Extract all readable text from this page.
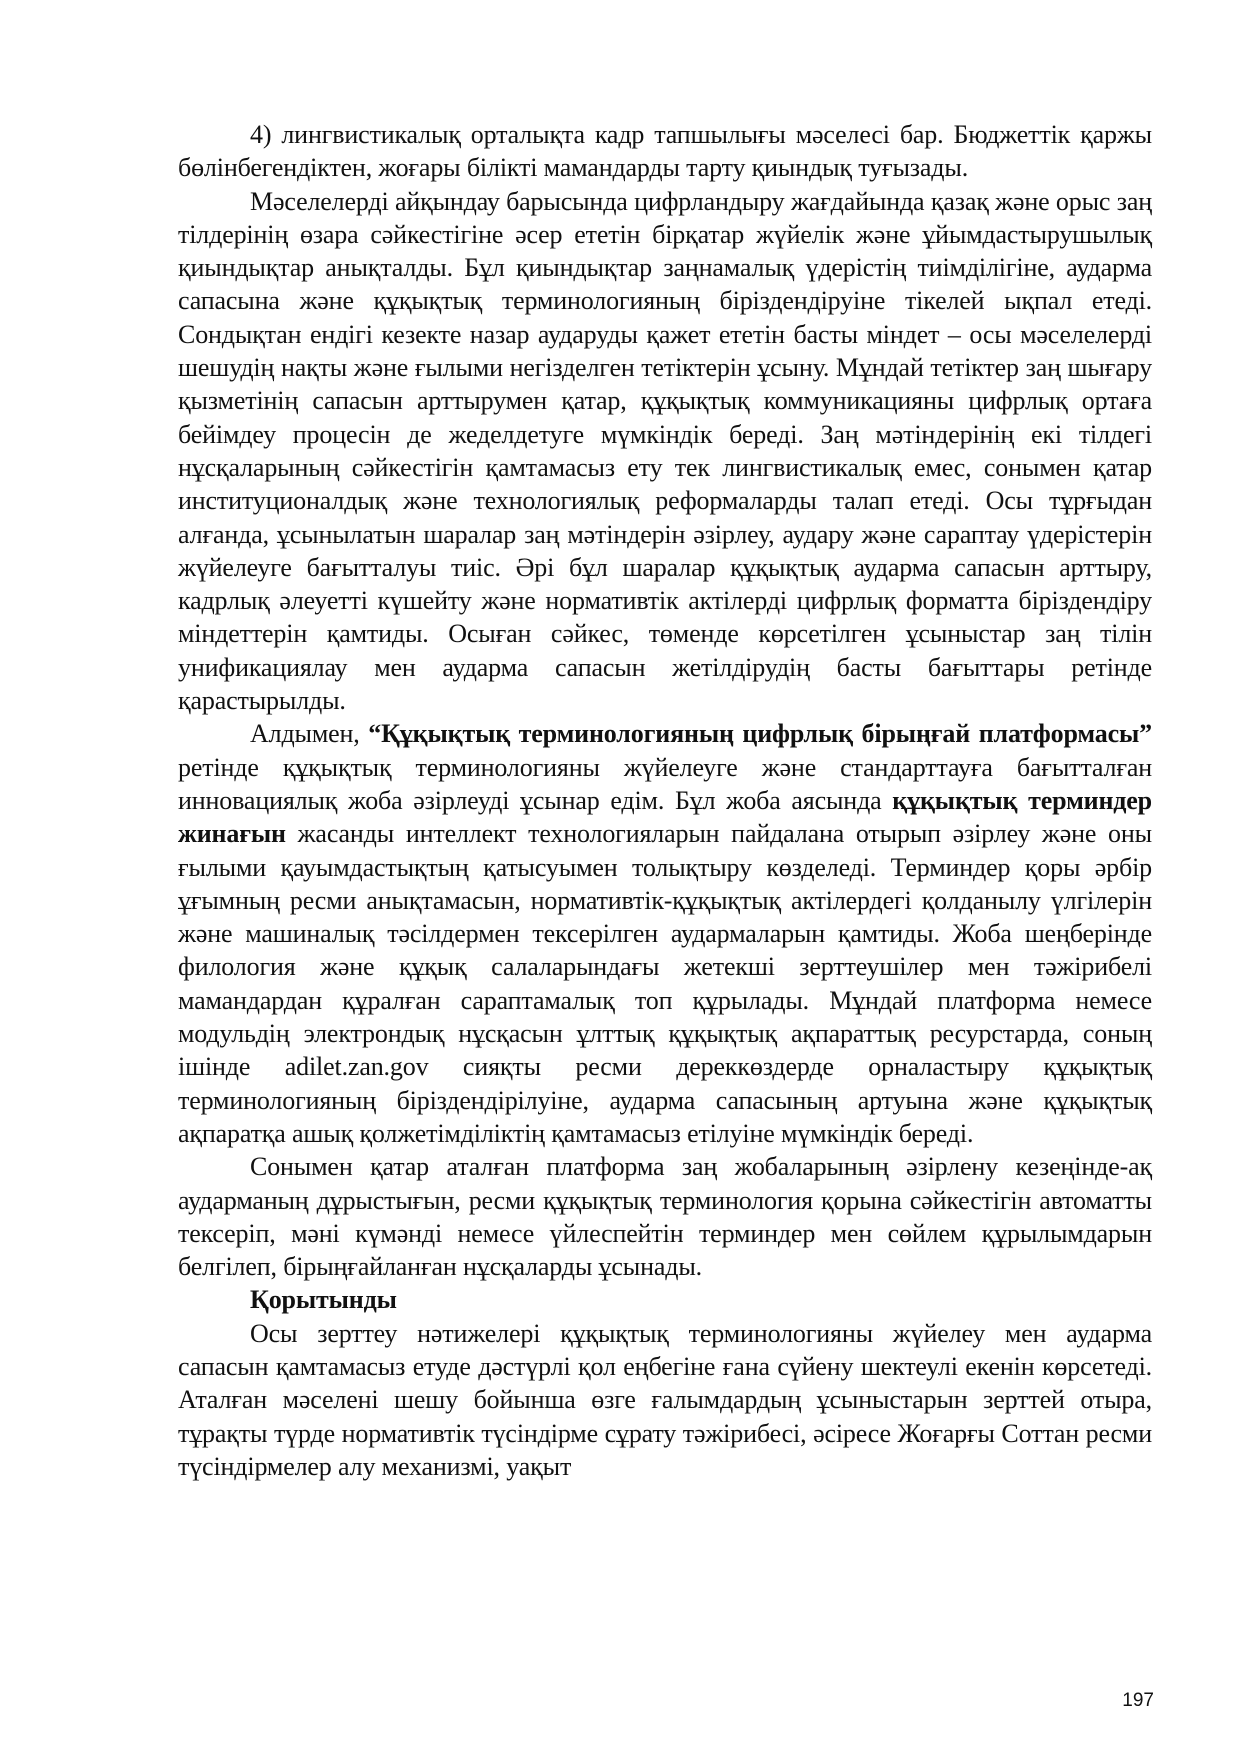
4) лингвистикалық орталықта кадр тапшылығы мәселесі бар. Бюджеттік қаржы бөлінбегендіктен, жоғары білікті мамандарды тарту қиындық туғызады.

Мәселелерді айқындау барысында цифрландыру жағдайында қазақ және орыс заң тілдерінің өзара сәйкестігіне әсер ететін бірқатар жүйелік және ұйымдастырушылық қиындықтар анықталды. Бұл қиындықтар заңнамалық үдерістің тиімділігіне, аударма сапасына және құқықтық терминологияның біріздендіруіне тікелей ықпал етеді. Сондықтан ендігі кезекте назар аударуды қажет ететін басты міндет – осы мәселелерді шешудің нақты және ғылыми негізделген тетіктерін ұсыну. Мұндай тетіктер заң шығару қызметінің сапасын арттырумен қатар, құқықтық коммуникацияны цифрлық ортаға бейімдеу процесін де жеделдетуге мүмкіндік береді. Заң мәтіндерінің екі тілдегі нұсқаларының сәйкестігін қамтамасыз ету тек лингвистикалық емес, сонымен қатар институционалдық және технологиялық реформаларды талап етеді. Осы тұрғыдан алғанда, ұсынылатын шаралар заң мәтіндерін әзірлеу, аудару және сараптау үдерістерін жүйелеуге бағытталуы тиіс. Әрі бұл шаралар құқықтық аударма сапасын арттыру, кадрлық әлеуетті күшейту және нормативтік актілерді цифрлық форматта біріздендіру міндеттерін қамтиды. Осыған сәйкес, төменде көрсетілген ұсыныстар заң тілін унификациялау мен аударма сапасын жетілдірудің басты бағыттары ретінде қарастырылды.

Алдымен, “Құқықтық терминологияның цифрлық бірыңғай платформасы” ретінде құқықтық терминологияны жүйелеуге және стандарттауға бағытталған инновациялық жоба әзірлеуді ұсынар едім. Бұл жоба аясында құқықтық терминдер жинағын жасанды интеллект технологияларын пайдалана отырып әзірлеу және оны ғылыми қауымдастықтың қатысуымен толықтыру көзделеді. Терминдер қоры әрбір ұғымның ресми анықтамасын, нормативтік-құқықтық актілердегі қолданылу үлгілерін және машиналық тәсілдермен тексерілген аудармаларын қамтиды. Жоба шеңберінде филология және құқық салаларындағы жетекші зерттеушілер мен тәжірибелі мамандардан құралған сараптамалық топ құрылады. Мұндай платформа немесе модульдің электрондық нұсқасын ұлттық құқықтық ақпараттық ресурстарда, соның ішінде adilet.zan.gov сияқты ресми дереккөздерде орналастыру құқықтық терминологияның біріздендірілуіне, аударма сапасының артуына және құқықтық ақпаратқа ашық қолжетімділіктің қамтамасыз етілуіне мүмкіндік береді.

Сонымен қатар аталған платформа заң жобаларының әзірлену кезеңінде-ақ аударманың дұрыстығын, ресми құқықтық терминология қорына сәйкестігін автоматты тексеріп, мәні күмәнді немесе үйлеспейтін терминдер мен сөйлем құрылымдарын белгілеп, бірыңғайланған нұсқаларды ұсынады.

Қорытынды

Осы зерттеу нәтижелері құқықтық терминологияны жүйелеу мен аударма сапасын қамтамасыз етуде дәстүрлі қол еңбегіне ғана сүйену шектеулі екенін көрсетеді. Аталған мәселені шешу бойынша өзге ғалымдардың ұсыныстарын зерттей отыра, тұрақты түрде нормативтік түсіндірме сұрату тәжірибесі, әсіресе Жоғарғы Соттан ресми түсіндірмелер алу механизмі, уақыт

197
